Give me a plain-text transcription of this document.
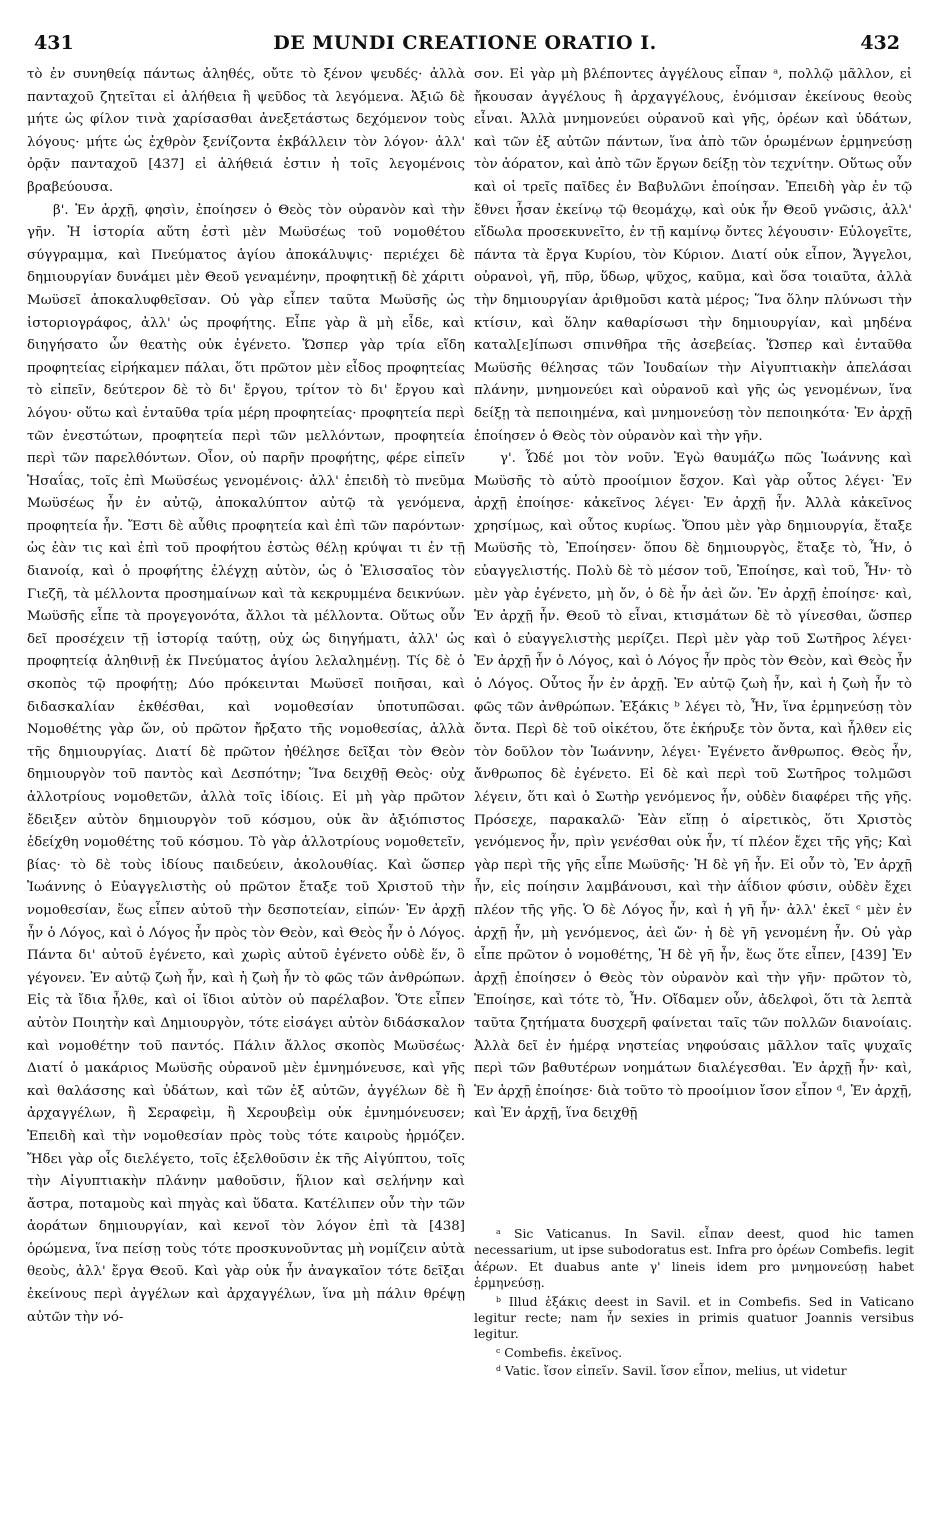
431	DE MUNDI CREATIONE ORATIO I.	432

τὸ ἐν συνηθείᾳ πάντως ἀληθές, οὔτε τὸ ξένον ψευδές· ἀλλὰ πανταχοῦ ζητεῖται εἰ ἀλήθεια ἢ ψεῦδος τὰ λεγόμενα. Ἀξιῶ δὲ μήτε ὡς φίλον τινὰ χαρίσασθαι ἀνεξετάστως δεχόμενον τοὺς λόγους· μήτε ὡς ἐχθρὸν ξενίζοντα ἐκβάλλειν τὸν λόγον· ἀλλ' ὁρᾷν πανταχοῦ [437] εἰ ἀλήθειά ἐστιν ἡ τοῖς λεγομένοις βραβεύουσα.

β'. Ἐν ἀρχῇ, φησὶν, ἐποίησεν ὁ Θεὸς τὸν οὐρανὸν καὶ τὴν γῆν. Ἡ ἱστορία αὕτη ἐστὶ μὲν Μωϋσέως τοῦ νομοθέτου σύγγραμμα, καὶ Πνεύματος ἁγίου ἀποκάλυψις· περιέχει δὲ δημιουργίαν δυνάμει μὲν Θεοῦ γεναμένην, προφητικῇ δὲ χάριτι Μωϋσεῖ ἀποκαλυφθεῖσαν. Οὐ γὰρ εἶπεν ταῦτα Μωϋσῆς ὡς ἱστοριογράφος, ἀλλ' ὡς προφήτης. Εἶπε γὰρ ἃ μὴ εἶδε, καὶ διηγήσατο ὧν θεατὴς οὐκ ἐγένετο. Ὥσπερ γὰρ τρία εἴδη προφητείας εἰρήκαμεν πάλαι, ὅτι πρῶτον μὲν εἶδος προφητείας τὸ εἰπεῖν, δεύτερον δὲ τὸ δι' ἔργου, τρίτον τὸ δι' ἔργου καὶ λόγου· οὕτω καὶ ἐνταῦθα τρία μέρη προφητείας· προφητεία περὶ τῶν ἐνεστώτων, προφητεία περὶ τῶν μελλόντων, προφητεία περὶ τῶν παρελθόντων. Οἷον, οὐ παρῆν προφήτης, φέρε εἰπεῖν Ἡσαΐας, τοῖς ἐπὶ Μωϋσέως γενομένοις· ἀλλ' ἐπειδὴ τὸ πνεῦμα Μωϋσέως ἦν ἐν αὐτῷ, ἀποκαλύπτον αὐτῷ τὰ γενόμενα, προφητεία ἦν. Ἔστι δὲ αὖθις προφητεία καὶ ἐπὶ τῶν παρόντων· ὡς ἐὰν τις καὶ ἐπὶ τοῦ προφήτου ἑστὼς θέλῃ κρύψαι τι ἐν τῇ διανοίᾳ, καὶ ὁ προφήτης ἐλέγχῃ αὐτὸν, ὡς ὁ Ἐλισσαῖος τὸν Γιεζῆ, τὰ μέλλοντα προσημαίνων καὶ τὰ κεκρυμμένα δεικνύων. Μωϋσῆς εἶπε τὰ προγεγονότα, ἄλλοι τὰ μέλλοντα. Οὕτως οὖν δεῖ προσέχειν τῇ ἱστορίᾳ ταύτῃ, οὐχ ὡς διηγήματι, ἀλλ' ὡς προφητείᾳ ἀληθινῇ ἐκ Πνεύματος ἁγίου λελαλημένῃ. Τίς δὲ ὁ σκοπὸς τῷ προφήτῃ; Δύο πρόκεινται Μωϋσεῖ ποιῆσαι, καὶ διδασκαλίαν ἐκθέσθαι, καὶ νομοθεσίαν ὑποτυπῶσαι. Νομοθέτης γὰρ ὤν, οὐ πρῶτον ἤρξατο τῆς νομοθεσίας, ἀλλὰ τῆς δημιουργίας. Διατί δὲ πρῶτον ἠθέλησε δεῖξαι τὸν Θεὸν δημιουργὸν τοῦ παντὸς καὶ Δεσπότην; Ἵνα δειχθῇ Θεὸς· οὐχ ἀλλοτρίους νομοθετῶν, ἀλλὰ τοῖς ἰδίοις. Εἰ μὴ γὰρ πρῶτον ἔδειξεν αὐτὸν δημιουργὸν τοῦ κόσμου, οὐκ ἂν ἀξιόπιστος ἐδείχθη νομοθέτης τοῦ κόσμου. Τὸ γὰρ ἀλλοτρίους νομοθετεῖν, βίας· τὸ δὲ τοὺς ἰδίους παιδεύειν, ἀκολουθίας. Καὶ ὥσπερ Ἰωάννης ὁ Εὐαγγελιστὴς οὐ πρῶτον ἔταξε τοῦ Χριστοῦ τὴν νομοθεσίαν, ἕως εἶπεν αὐτοῦ τὴν δεσποτείαν, εἰπών· Ἐν ἀρχῇ ἦν ὁ Λόγος, καὶ ὁ Λόγος ἦν πρὸς τὸν Θεὸν, καὶ Θεὸς ἦν ὁ Λόγος. Πάντα δι' αὐτοῦ ἐγένετο, καὶ χωρὶς αὐτοῦ ἐγένετο οὐδὲ ἕν, ὃ γέγονεν. Ἐν αὐτῷ ζωὴ ἦν, καὶ ἡ ζωὴ ἦν τὸ φῶς τῶν ἀνθρώπων. Εἰς τὰ ἴδια ἦλθε, καὶ οἱ ἴδιοι αὐτὸν οὐ παρέλαβον. Ὅτε εἶπεν αὐτὸν Ποιητὴν καὶ Δημιουργὸν, τότε εἰσάγει αὐτὸν διδάσκαλον καὶ νομοθέτην τοῦ παντός. Πάλιν ἄλλος σκοπὸς Μωϋσέως· Διατί ὁ μακάριος Μωϋσῆς οὐρανοῦ μὲν ἐμνημόνευσε, καὶ γῆς καὶ θαλάσσης καὶ ὑδάτων, καὶ τῶν ἐξ αὐτῶν, ἀγγέλων δὲ ἢ ἀρχαγγέλων, ἢ Σεραφεὶμ, ἢ Χερουβεὶμ οὐκ ἐμνημόνευσεν; Ἐπειδὴ καὶ τὴν νομοθεσίαν πρὸς τοὺς τότε καιροὺς ἡρμόζεν. Ἤδει γὰρ οἷς διελέγετο, τοῖς ἐξελθοῦσιν ἐκ τῆς Αἰγύπτου, τοῖς τὴν Αἰγυπτιακὴν πλάνην μαθοῦσιν, ἥλιον καὶ σελήνην καὶ ἄστρα, ποταμοὺς καὶ πηγὰς καὶ ὕδατα. Κατέλιπεν οὖν τὴν τῶν ἀοράτων δημιουργίαν, καὶ κενοῖ τὸν λόγον ἐπὶ τὰ [438] ὁρώμενα, ἵνα πείσῃ τοὺς τότε προσκυνοῦντας μὴ νομίζειν αὐτὰ θεοὺς, ἀλλ' ἔργα Θεοῦ. Καὶ γὰρ οὐκ ἦν ἀναγκαῖον τότε δεῖξαι ἐκείνους περὶ ἀγγέλων καὶ ἀρχαγγέλων, ἵνα μὴ πάλιν θρέψῃ αὐτῶν τὴν νό-

σον. Εἰ γὰρ μὴ βλέποντες ἀγγέλους εἶπαν ᵃ, πολλῷ μᾶλλον, εἰ ἤκουσαν ἀγγέλους ἢ ἀρχαγγέλους, ἐνόμισαν ἐκείνους θεοὺς εἶναι. Ἀλλὰ μνημονεύει οὐρανοῦ καὶ γῆς, ὀρέων καὶ ὑδάτων, καὶ τῶν ἐξ αὐτῶν πάντων, ἵνα ἀπὸ τῶν ὁρωμένων ἑρμηνεύσῃ τὸν ἀόρατον, καὶ ἀπὸ τῶν ἔργων δείξῃ τὸν τεχνίτην. Οὕτως οὖν καὶ οἱ τρεῖς παῖδες ἐν Βαβυλῶνι ἐποίησαν. Ἐπειδὴ γὰρ ἐν τῷ ἔθνει ἦσαν ἐκείνῳ τῷ θεομάχῳ, καὶ οὐκ ἦν Θεοῦ γνῶσις, ἀλλ' εἴδωλα προσεκυνεῖτο, ἐν τῇ καμίνῳ ὄντες λέγουσιν· Εὐλογεῖτε, πάντα τὰ ἔργα Κυρίου, τὸν Κύριον. Διατί οὐκ εἶπον, Ἄγγελοι, οὐρανοὶ, γῆ, πῦρ, ὕδωρ, ψῦχος, καῦμα, καὶ ὅσα τοιαῦτα, ἀλλὰ τὴν δημιουργίαν ἀριθμοῦσι κατὰ μέρος; Ἵνα ὅλην πλύνωσι τὴν κτίσιν, καὶ ὅλην καθαρίσωσι τὴν δημιουργίαν, καὶ μηδένα καταλ[ε]ίπωσι σπινθῆρα τῆς ἀσεβείας. Ὥσπερ καὶ ἐνταῦθα Μωϋσῆς θέλησας τῶν Ἰουδαίων τὴν Αἰγυπτιακὴν ἀπελάσαι πλάνην, μνημονεύει καὶ οὐρανοῦ καὶ γῆς ὡς γενομένων, ἵνα δείξῃ τὰ πεποιημένα, καὶ μνημονεύσῃ τὸν πεποιηκότα· Ἐν ἀρχῇ ἐποίησεν ὁ Θεὸς τὸν οὐρανὸν καὶ τὴν γῆν.

γ'. Ὧδέ μοι τὸν νοῦν. Ἐγὼ θαυμάζω πῶς Ἰωάννης καὶ Μωϋσῆς τὸ αὐτὸ προοίμιον ἔσχον. Καὶ γὰρ οὗτος λέγει· Ἐν ἀρχῇ ἐποίησε· κἀκεῖνος λέγει· Ἐν ἀρχῇ ἦν. Ἀλλὰ κἀκεῖνος χρησίμως, καὶ οὗτος κυρίως. Ὅπου μὲν γὰρ δημιουργία, ἔταξε Μωϋσῆς τὸ, Ἐποίησεν· ὅπου δὲ δημιουργὸς, ἔταξε τὸ, Ἦν, ὁ εὐαγγελιστής. Πολὺ δὲ τὸ μέσον τοῦ, Ἐποίησε, καὶ τοῦ, Ἦν· τὸ μὲν γὰρ ἐγένετο, μὴ ὄν, ὁ δὲ ἦν ἀεὶ ὤν. Ἐν ἀρχῇ ἐποίησε· καὶ, Ἐν ἀρχῇ ἦν. Θεοῦ τὸ εἶναι, κτισμάτων δὲ τὸ γίνεσθαι, ὥσπερ καὶ ὁ εὐαγγελιστὴς μερίζει. Περὶ μὲν γὰρ τοῦ Σωτῆρος λέγει· Ἐν ἀρχῇ ἦν ὁ Λόγος, καὶ ὁ Λόγος ἦν πρὸς τὸν Θεὸν, καὶ Θεὸς ἦν ὁ Λόγος. Οὗτος ἦν ἐν ἀρχῇ. Ἐν αὐτῷ ζωὴ ἦν, καὶ ἡ ζωὴ ἦν τὸ φῶς τῶν ἀνθρώπων. Ἑξάκις ᵇ λέγει τὸ, Ἦν, ἵνα ἑρμηνεύσῃ τὸν ὄντα. Περὶ δὲ τοῦ οἰκέτου, ὅτε ἐκήρυξε τὸν ὄντα, καὶ ἦλθεν εἰς τὸν δοῦλον τὸν Ἰωάννην, λέγει· Ἐγένετο ἄνθρωπος. Θεὸς ἦν, ἄνθρωπος δὲ ἐγένετο. Εἰ δὲ καὶ περὶ τοῦ Σωτῆρος τολμῶσι λέγειν, ὅτι καὶ ὁ Σωτὴρ γενόμενος ἦν, οὐδὲν διαφέρει τῆς γῆς. Πρόσεχε, παρακαλῶ· Ἐὰν εἴπῃ ὁ αἱρετικὸς, ὅτι Χριστὸς γενόμενος ἦν, πρὶν γενέσθαι οὐκ ἦν, τί πλέον ἔχει τῆς γῆς; Καὶ γὰρ περὶ τῆς γῆς εἶπε Μωϋσῆς· Ἡ δὲ γῆ ἦν. Εἰ οὖν τὸ, Ἐν ἀρχῇ ἦν, εἰς ποίησιν λαμβάνουσι, καὶ τὴν ἀΐδιον φύσιν, οὐδὲν ἔχει πλέον τῆς γῆς. Ὁ δὲ Λόγος ἦν, καὶ ἡ γῆ ἦν· ἀλλ' ἐκεῖ ᶜ μὲν ἐν ἀρχῇ ἦν, μὴ γενόμενος, ἀεὶ ὤν· ἡ δὲ γῆ γενομένη ἦν. Οὐ γὰρ εἶπε πρῶτον ὁ νομοθέτης, Ἡ δὲ γῆ ἦν, ἕως ὅτε εἶπεν, [439] Ἐν ἀρχῇ ἐποίησεν ὁ Θεὸς τὸν οὐρανὸν καὶ τὴν γῆν· πρῶτον τὸ, Ἐποίησε, καὶ τότε τὸ, Ἦν. Οἴδαμεν οὖν, ἀδελφοὶ, ὅτι τὰ λεπτὰ ταῦτα ζητήματα δυσχερῆ φαίνεται ταῖς τῶν πολλῶν διανοίαις. Ἀλλὰ δεῖ ἐν ἡμέρᾳ νηστείας νηφούσαις μᾶλλον ταῖς ψυχαῖς περὶ τῶν βαθυτέρων νοημάτων διαλέγεσθαι. Ἐν ἀρχῇ ἦν· καὶ, Ἐν ἀρχῇ ἐποίησε· διὰ τοῦτο τὸ προοίμιον ἴσον εἶπον ᵈ, Ἐν ἀρχῇ, καὶ Ἐν ἀρχῇ, ἵνα δειχθῇ

ᵃ Sic Vaticanus. In Savil. εἶπαν deest, quod hic tamen necessarium, ut ipse subodoratus est. Infra pro ὀρέων Combefis. legit ἀέρων. Et duabus ante γ' lineis idem pro μνημονεύσῃ habet ἑρμηνεύσῃ.

ᵇ Illud ἑξάκις deest in Savil. et in Combefis. Sed in Vaticano legitur recte; nam ἦν sexies in primis quatuor Joannis versibus legitur.

ᶜ Combefis. ἐκεῖνος.

ᵈ Vatic. ἴσον εἰπεῖν. Savil. ἴσον εἶπον, melius, ut videtur
